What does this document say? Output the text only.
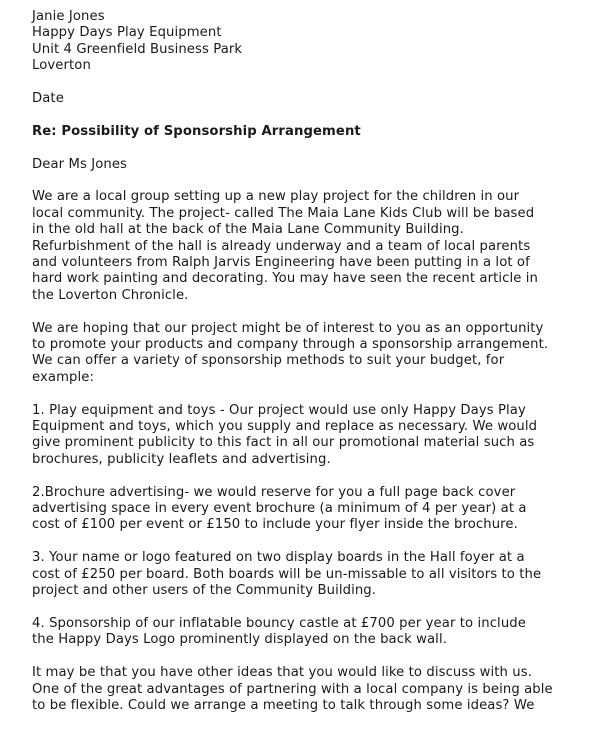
Janie Jones
Happy Days Play Equipment
Unit 4 Greenfield Business Park
Loverton
Date
Re: Possibility of Sponsorship Arrangement
Dear Ms Jones
We are a local group setting up a new play project for the children in our
local community. The project- called The Maia Lane Kids Club will be based
in the old hall at the back of the Maia Lane Community Building.
Refurbishment of the hall is already underway and a team of local parents
and volunteers from Ralph Jarvis Engineering have been putting in a lot of
hard work painting and decorating. You may have seen the recent article in
the Loverton Chronicle.
We are hoping that our project might be of interest to you as an opportunity
to promote your products and company through a sponsorship arrangement.
We can offer a variety of sponsorship methods to suit your budget, for
example:
1. Play equipment and toys - Our project would use only Happy Days Play
Equipment and toys, which you supply and replace as necessary. We would
give prominent publicity to this fact in all our promotional material such as
brochures, publicity leaflets and advertising.
2.Brochure advertising- we would reserve for you a full page back cover
advertising space in every event brochure (a minimum of 4 per year) at a
cost of £100 per event or £150 to include your flyer inside the brochure.
3. Your name or logo featured on two display boards in the Hall foyer at a
cost of £250 per board. Both boards will be un-missable to all visitors to the
project and other users of the Community Building.
4. Sponsorship of our inflatable bouncy castle at £700 per year to include
the Happy Days Logo prominently displayed on the back wall.
It may be that you have other ideas that you would like to discuss with us.
One of the great advantages of partnering with a local company is being able
to be flexible. Could we arrange a meeting to talk through some ideas? We
